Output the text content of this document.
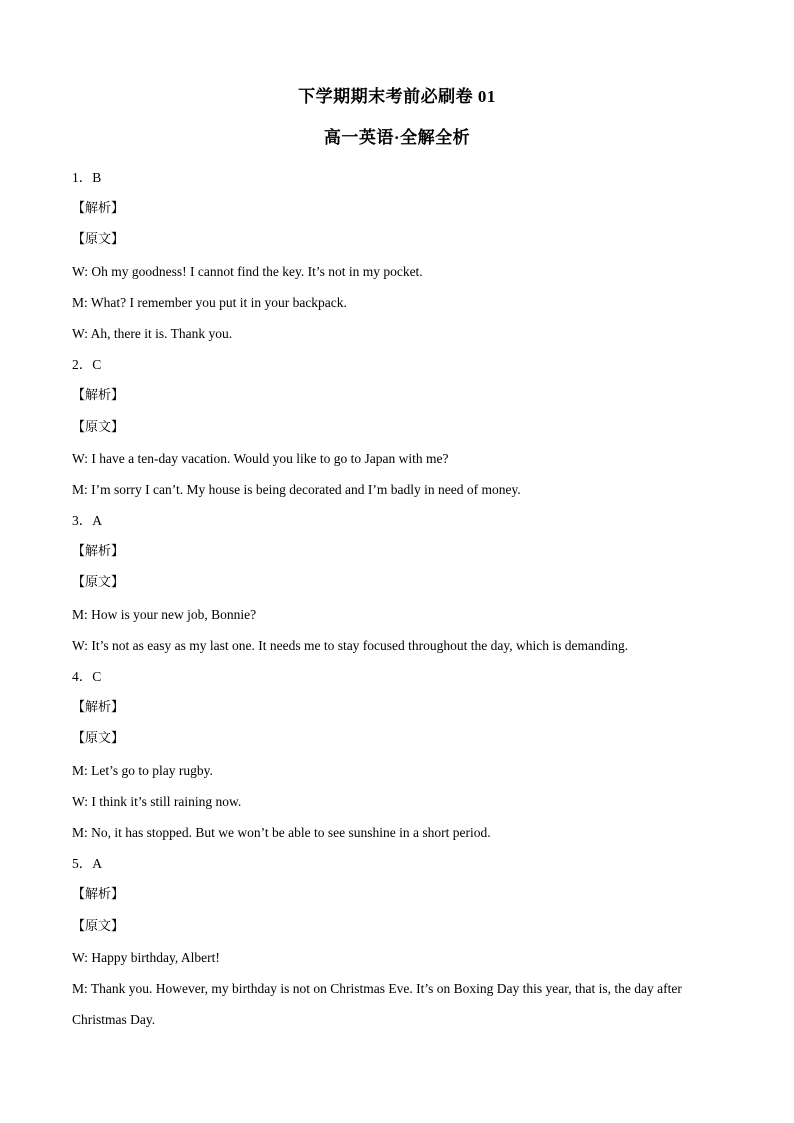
下学期期末考前必刷卷 01
高一英语·全解全析
1．B
【解析】
【原文】
W: Oh my goodness! I cannot find the key. It’s not in my pocket.
M: What? I remember you put it in your backpack.
W: Ah, there it is. Thank you.
2．C
【解析】
【原文】
W: I have a ten-day vacation. Would you like to go to Japan with me?
M: I’m sorry I can’t. My house is being decorated and I’m badly in need of money.
3．A
【解析】
【原文】
M: How is your new job, Bonnie?
W: It’s not as easy as my last one. It needs me to stay focused throughout the day, which is demanding.
4．C
【解析】
【原文】
M: Let’s go to play rugby.
W: I think it’s still raining now.
M: No, it has stopped. But we won’t be able to see sunshine in a short period.
5．A
【解析】
【原文】
W: Happy birthday, Albert!
M: Thank you. However, my birthday is not on Christmas Eve. It’s on Boxing Day this year, that is, the day after Christmas Day.
